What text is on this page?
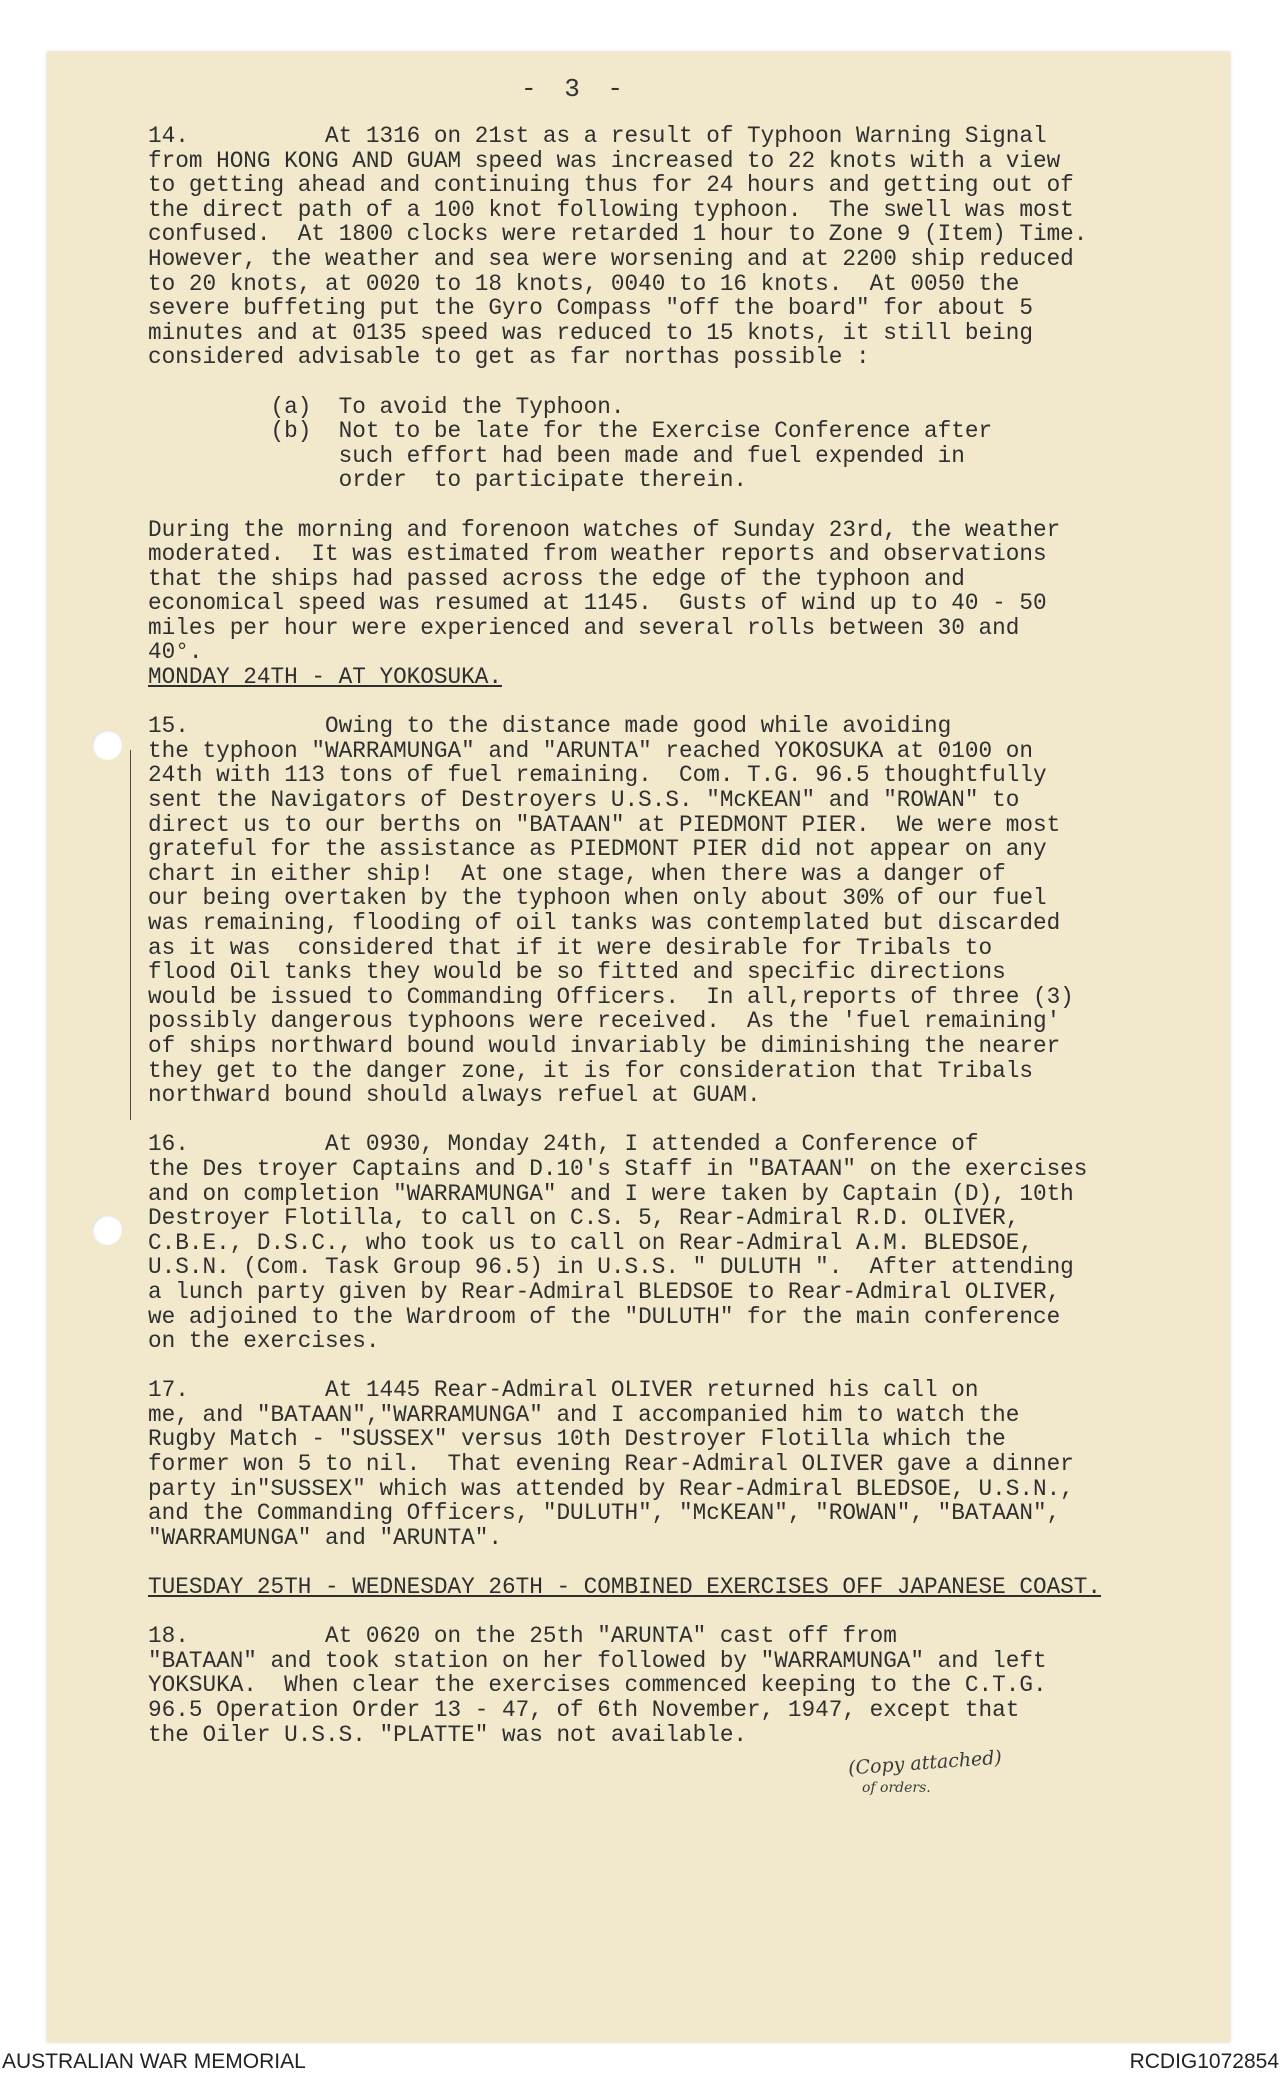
- 3 -
14.          At 1316 on 21st as a result of Typhoon Warning Signal
from HONG KONG AND GUAM speed was increased to 22 knots with a view
to getting ahead and continuing thus for 24 hours and getting out of
the direct path of a 100 knot following typhoon.  The swell was most
confused.  At 1800 clocks were retarded 1 hour to Zone 9 (Item) Time.
However, the weather and sea were worsening and at 2200 ship reduced
to 20 knots, at 0020 to 18 knots, 0040 to 16 knots.  At 0050 the
severe buffeting put the Gyro Compass "off the board" for about 5
minutes and at 0135 speed was reduced to 15 knots, it still being
considered advisable to get as far northas possible :
(a)  To avoid the Typhoon.
(b)  Not to be late for the Exercise Conference after
such effort had been made and fuel expended in
order  to participate therein.
During the morning and forenoon watches of Sunday 23rd, the weather
moderated.  It was estimated from weather reports and observations
that the ships had passed across the edge of the typhoon and
economical speed was resumed at 1145.  Gusts of wind up to 40 - 50
miles per hour were experienced and several rolls between 30 and
40°.
MONDAY 24TH - AT YOKOSUKA.
15.          Owing to the distance made good while avoiding
the typhoon "WARRAMUNGA" and "ARUNTA" reached YOKOSUKA at 0100 on
24th with 113 tons of fuel remaining.  Com. T.G. 96.5 thoughtfully
sent the Navigators of Destroyers U.S.S. "McKEAN" and "ROWAN" to
direct us to our berths on "BATAAN" at PIEDMONT PIER.  We were most
grateful for the assistance as PIEDMONT PIER did not appear on any
chart in either ship!  At one stage, when there was a danger of
our being overtaken by the typhoon when only about 30% of our fuel
was remaining, flooding of oil tanks was contemplated but discarded
as it was  considered that if it were desirable for Tribals to
flood Oil tanks they would be so fitted and specific directions
would be issued to Commanding Officers.  In all,reports of three (3)
possibly dangerous typhoons were received.  As the 'fuel remaining'
of ships northward bound would invariably be diminishing the nearer
they get to the danger zone, it is for consideration that Tribals
northward bound should always refuel at GUAM.
16.          At 0930, Monday 24th, I attended a Conference of
the Des troyer Captains and D.10's Staff in "BATAAN" on the exercises
and on completion "WARRAMUNGA" and I were taken by Captain (D), 10th
Destroyer Flotilla, to call on C.S. 5, Rear-Admiral R.D. OLIVER,
C.B.E., D.S.C., who took us to call on Rear-Admiral A.M. BLEDSOE,
U.S.N. (Com. Task Group 96.5) in U.S.S. " DULUTH ".  After attending
a lunch party given by Rear-Admiral BLEDSOE to Rear-Admiral OLIVER,
we adjoined to the Wardroom of the "DULUTH" for the main conference
on the exercises.
17.          At 1445 Rear-Admiral OLIVER returned his call on
me, and "BATAAN","WARRAMUNGA" and I accompanied him to watch the
Rugby Match - "SUSSEX" versus 10th Destroyer Flotilla which the
former won 5 to nil.  That evening Rear-Admiral OLIVER gave a dinner
party in"SUSSEX" which was attended by Rear-Admiral BLEDSOE, U.S.N.,
and the Commanding Officers, "DULUTH", "McKEAN", "ROWAN", "BATAAN",
"WARRAMUNGA" and "ARUNTA".
TUESDAY 25TH - WEDNESDAY 26TH - COMBINED EXERCISES OFF JAPANESE COAST.
18.          At 0620 on the 25th "ARUNTA" cast off from
"BATAAN" and took station on her followed by "WARRAMUNGA" and left
YOKSUKA.  When clear the exercises commenced keeping to the C.T.G.
96.5 Operation Order 13 - 47, of 6th November, 1947, except that
the Oiler U.S.S. "PLATTE" was not available.
(Copy attached)
of orders.
AUSTRALIAN WAR MEMORIAL	RCDIG1072854
